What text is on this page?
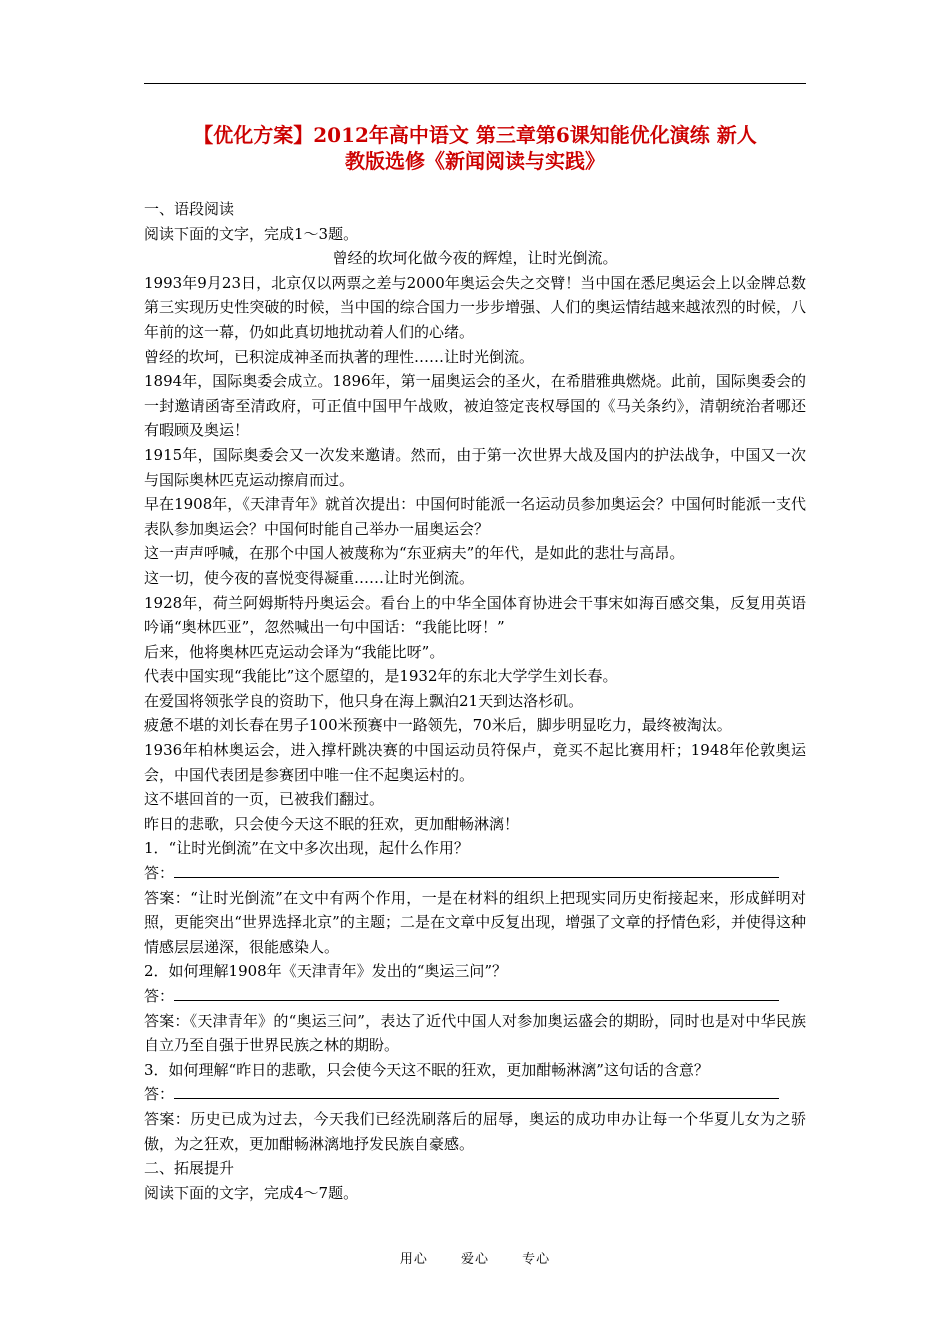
【优化方案】2012年高中语文 第三章第6课知能优化演练 新人
教版选修《新闻阅读与实践》

一、语段阅读

阅读下面的文字，完成1～3题。

曾经的坎坷化做今夜的辉煌，让时光倒流。

1993年9月23日，北京仅以两票之差与2000年奥运会失之交臂！当中国在悉尼奥运会上以金牌总数第三实现历史性突破的时候，当中国的综合国力一步步增强、人们的奥运情结越来越浓烈的时候，八年前的这一幕，仍如此真切地扰动着人们的心绪。

曾经的坎坷，已积淀成神圣而执著的理性……让时光倒流。

1894年，国际奥委会成立。1896年，第一届奥运会的圣火，在希腊雅典燃烧。此前，国际奥委会的一封邀请函寄至清政府，可正值中国甲午战败，被迫签定丧权辱国的《马关条约》，清朝统治者哪还有暇顾及奥运！

1915年，国际奥委会又一次发来邀请。然而，由于第一次世界大战及国内的护法战争，中国又一次与国际奥林匹克运动擦肩而过。

早在1908年，《天津青年》就首次提出：中国何时能派一名运动员参加奥运会？中国何时能派一支代表队参加奥运会？中国何时能自己举办一届奥运会？

这一声声呼喊，在那个中国人被蔑称为“东亚病夫”的年代，是如此的悲壮与高昂。

这一切，使今夜的喜悦变得凝重……让时光倒流。

1928年，荷兰阿姆斯特丹奥运会。看台上的中华全国体育协进会干事宋如海百感交集，反复用英语吟诵“奥林匹亚”，忽然喊出一句中国话：“我能比呀！”

后来，他将奥林匹克运动会译为“我能比呀”。

代表中国实现“我能比”这个愿望的，是1932年的东北大学学生刘长春。

在爱国将领张学良的资助下，他只身在海上飘泊21天到达洛杉矶。

疲惫不堪的刘长春在男子100米预赛中一路领先，70米后，脚步明显吃力，最终被淘汰。

1936年柏林奥运会，进入撑杆跳决赛的中国运动员符保卢，竟买不起比赛用杆；1948年伦敦奥运会，中国代表团是参赛团中唯一住不起奥运村的。

这不堪回首的一页，已被我们翻过。

昨日的悲歌，只会使今天这不眠的狂欢，更加酣畅淋漓！

1．“让时光倒流”在文中多次出现，起什么作用？

答：

答案：“让时光倒流”在文中有两个作用，一是在材料的组织上把现实同历史衔接起来，形成鲜明对照，更能突出“世界选择北京”的主题；二是在文章中反复出现，增强了文章的抒情色彩，并使得这种情感层层递深，很能感染人。

2．如何理解1908年《天津青年》发出的“奥运三问”？

答：

答案：《天津青年》的“奥运三问”，表达了近代中国人对参加奥运盛会的期盼，同时也是对中华民族自立乃至自强于世界民族之林的期盼。

3．如何理解“昨日的悲歌，只会使今天这不眠的狂欢，更加酣畅淋漓”这句话的含意？

答：

答案：历史已成为过去，今天我们已经洗刷落后的屈辱，奥运的成功申办让每一个华夏儿女为之骄傲，为之狂欢，更加酣畅淋漓地抒发民族自豪感。

二、拓展提升

阅读下面的文字，完成4～7题。

用心	爱心	专心
